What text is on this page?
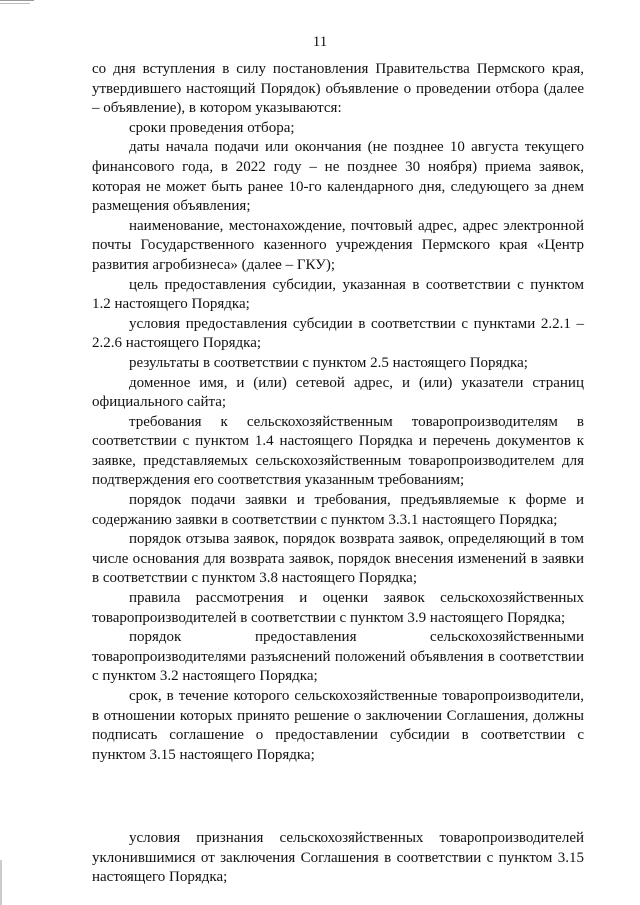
11

со дня вступления в силу постановления Правительства Пермского края, утвердившего настоящий Порядок) объявление о проведении отбора (далее – объявление), в котором указываются:

сроки проведения отбора;

даты начала подачи или окончания (не позднее 10 августа текущего финансового года, в 2022 году – не позднее 30 ноября) приема заявок, которая не может быть ранее 10-го календарного дня, следующего за днем размещения объявления;

наименование, местонахождение, почтовый адрес, адрес электронной почты Государственного казенного учреждения Пермского края «Центр развития агробизнеса» (далее – ГКУ);

цель предоставления субсидии, указанная в соответствии с пунктом 1.2 настоящего Порядка;

условия предоставления субсидии в соответствии с пунктами 2.2.1 – 2.2.6 настоящего Порядка;

результаты в соответствии с пунктом 2.5 настоящего Порядка;

доменное имя, и (или) сетевой адрес, и (или) указатели страниц официального сайта;

требования к сельскохозяйственным товаропроизводителям в соответствии с пунктом 1.4 настоящего Порядка и перечень документов к заявке, представляемых сельскохозяйственным товаропроизводителем для подтверждения его соответствия указанным требованиям;

порядок подачи заявки и требования, предъявляемые к форме и содержанию заявки в соответствии с пунктом 3.3.1 настоящего Порядка;

порядок отзыва заявок, порядок возврата заявок, определяющий в том числе основания для возврата заявок, порядок внесения изменений в заявки в соответствии с пунктом 3.8 настоящего Порядка;

правила рассмотрения и оценки заявок сельскохозяйственных товаропроизводителей в соответствии с пунктом 3.9 настоящего Порядка;

порядок предоставления сельскохозяйственными товаропроизводителями разъяснений положений объявления в соответствии с пунктом 3.2 настоящего Порядка;

срок, в течение которого сельскохозяйственные товаропроизводители, в отношении которых принято решение о заключении Соглашения, должны подписать соглашение о предоставлении субсидии в соответствии с пунктом 3.15 настоящего Порядка;

условия признания сельскохозяйственных товаропроизводителей уклонившимися от заключения Соглашения в соответствии с пунктом 3.15 настоящего Порядка;
